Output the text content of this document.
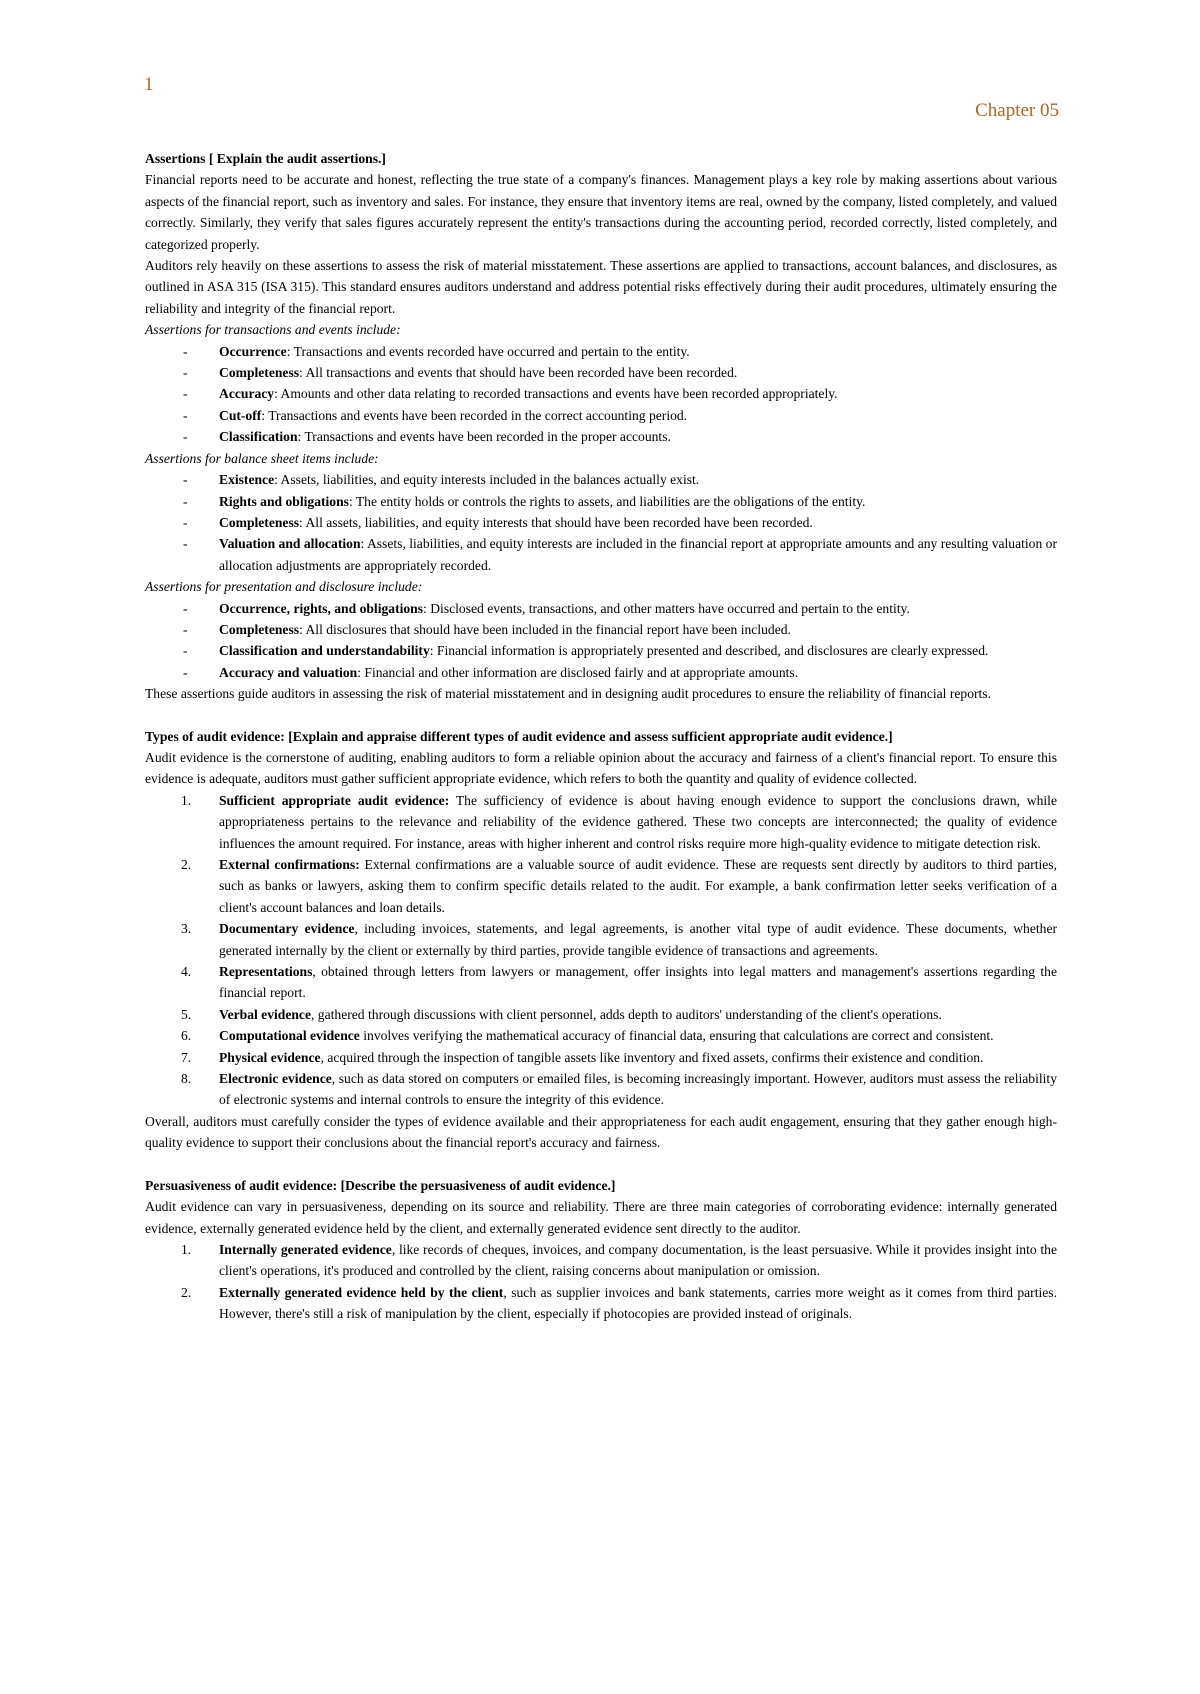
1
Chapter 05

Assertions [ Explain the audit assertions.]

Financial reports need to be accurate and honest, reflecting the true state of a company's finances. Management plays a key role by making assertions about various aspects of the financial report, such as inventory and sales. For instance, they ensure that inventory items are real, owned by the company, listed completely, and valued correctly. Similarly, they verify that sales figures accurately represent the entity's transactions during the accounting period, recorded correctly, listed completely, and categorized properly.

Auditors rely heavily on these assertions to assess the risk of material misstatement. These assertions are applied to transactions, account balances, and disclosures, as outlined in ASA 315 (ISA 315). This standard ensures auditors understand and address potential risks effectively during their audit procedures, ultimately ensuring the reliability and integrity of the financial report.

Assertions for transactions and events include:

- Occurrence: Transactions and events recorded have occurred and pertain to the entity.
- Completeness: All transactions and events that should have been recorded have been recorded.
- Accuracy: Amounts and other data relating to recorded transactions and events have been recorded appropriately.
- Cut-off: Transactions and events have been recorded in the correct accounting period.
- Classification: Transactions and events have been recorded in the proper accounts.

Assertions for balance sheet items include:

- Existence: Assets, liabilities, and equity interests included in the balances actually exist.
- Rights and obligations: The entity holds or controls the rights to assets, and liabilities are the obligations of the entity.
- Completeness: All assets, liabilities, and equity interests that should have been recorded have been recorded.
- Valuation and allocation: Assets, liabilities, and equity interests are included in the financial report at appropriate amounts and any resulting valuation or allocation adjustments are appropriately recorded.

Assertions for presentation and disclosure include:

- Occurrence, rights, and obligations: Disclosed events, transactions, and other matters have occurred and pertain to the entity.
- Completeness: All disclosures that should have been included in the financial report have been included.
- Classification and understandability: Financial information is appropriately presented and described, and disclosures are clearly expressed.
- Accuracy and valuation: Financial and other information are disclosed fairly and at appropriate amounts.

These assertions guide auditors in assessing the risk of material misstatement and in designing audit procedures to ensure the reliability of financial reports.

Types of audit evidence: [Explain and appraise different types of audit evidence and assess sufficient appropriate audit evidence.]

Audit evidence is the cornerstone of auditing, enabling auditors to form a reliable opinion about the accuracy and fairness of a client's financial report. To ensure this evidence is adequate, auditors must gather sufficient appropriate evidence, which refers to both the quantity and quality of evidence collected.

1. Sufficient appropriate audit evidence: The sufficiency of evidence is about having enough evidence to support the conclusions drawn, while appropriateness pertains to the relevance and reliability of the evidence gathered. These two concepts are interconnected; the quality of evidence influences the amount required. For instance, areas with higher inherent and control risks require more high-quality evidence to mitigate detection risk.
2. External confirmations: External confirmations are a valuable source of audit evidence. These are requests sent directly by auditors to third parties, such as banks or lawyers, asking them to confirm specific details related to the audit. For example, a bank confirmation letter seeks verification of a client's account balances and loan details.
3. Documentary evidence, including invoices, statements, and legal agreements, is another vital type of audit evidence. These documents, whether generated internally by the client or externally by third parties, provide tangible evidence of transactions and agreements.
4. Representations, obtained through letters from lawyers or management, offer insights into legal matters and management's assertions regarding the financial report.
5. Verbal evidence, gathered through discussions with client personnel, adds depth to auditors' understanding of the client's operations.
6. Computational evidence involves verifying the mathematical accuracy of financial data, ensuring that calculations are correct and consistent.
7. Physical evidence, acquired through the inspection of tangible assets like inventory and fixed assets, confirms their existence and condition.
8. Electronic evidence, such as data stored on computers or emailed files, is becoming increasingly important. However, auditors must assess the reliability of electronic systems and internal controls to ensure the integrity of this evidence.

Overall, auditors must carefully consider the types of evidence available and their appropriateness for each audit engagement, ensuring that they gather enough high-quality evidence to support their conclusions about the financial report's accuracy and fairness.

Persuasiveness of audit evidence: [Describe the persuasiveness of audit evidence.]

Audit evidence can vary in persuasiveness, depending on its source and reliability. There are three main categories of corroborating evidence: internally generated evidence, externally generated evidence held by the client, and externally generated evidence sent directly to the auditor.

1. Internally generated evidence, like records of cheques, invoices, and company documentation, is the least persuasive. While it provides insight into the client's operations, it's produced and controlled by the client, raising concerns about manipulation or omission.
2. Externally generated evidence held by the client, such as supplier invoices and bank statements, carries more weight as it comes from third parties. However, there's still a risk of manipulation by the client, especially if photocopies are provided instead of originals.
